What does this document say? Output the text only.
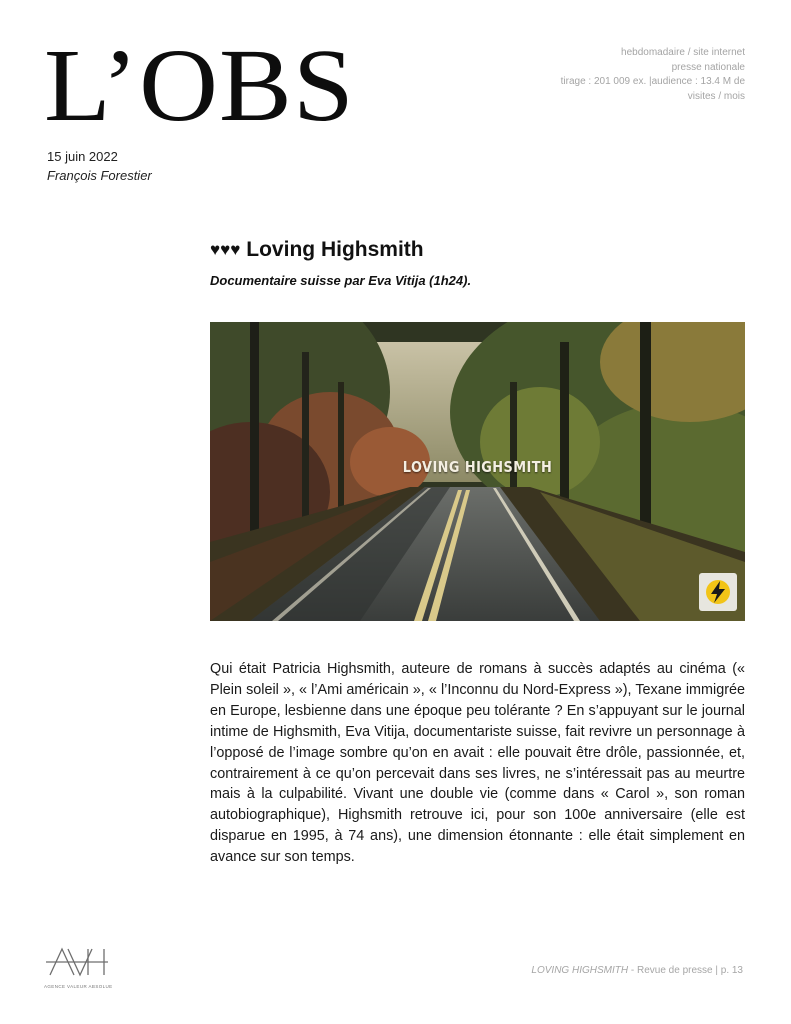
L’OBS
15 juin 2022
François Forestier
hebdomadaire / site internet
presse nationale
tirage : 201 009 ex. |audience : 13.4 M de
visites / mois
♥♥♥ Loving Highsmith
Documentaire suisse par Eva Vitija (1h24).
LOVING HIGHSMITH
Qui était Patricia Highsmith, auteure de romans à succès adaptés au cinéma (« Plein soleil », « l’Ami américain », « l’Inconnu du Nord-Express »), Texane immigrée en Europe, lesbienne dans une époque peu tolérante ? En s’appuyant sur le journal intime de Highsmith, Eva Vitija, documentariste suisse, fait revivre un personnage à l’opposé de l’image sombre qu’on en avait : elle pouvait être drôle, passionnée, et, contrairement à ce qu’on percevait dans ses livres, ne s’intéressait pas au meurtre mais à la culpabilité. Vivant une double vie (comme dans « Carol », son roman autobiographique), Highsmith retrouve ici, pour son 100e anniversaire (elle est disparue en 1995, à 74 ans), une dimension étonnante : elle était simplement en avance sur son temps.
AGENCE VALEUR ABSOLUE
LOVING HIGHSMITH - Revue de presse | p. 13
